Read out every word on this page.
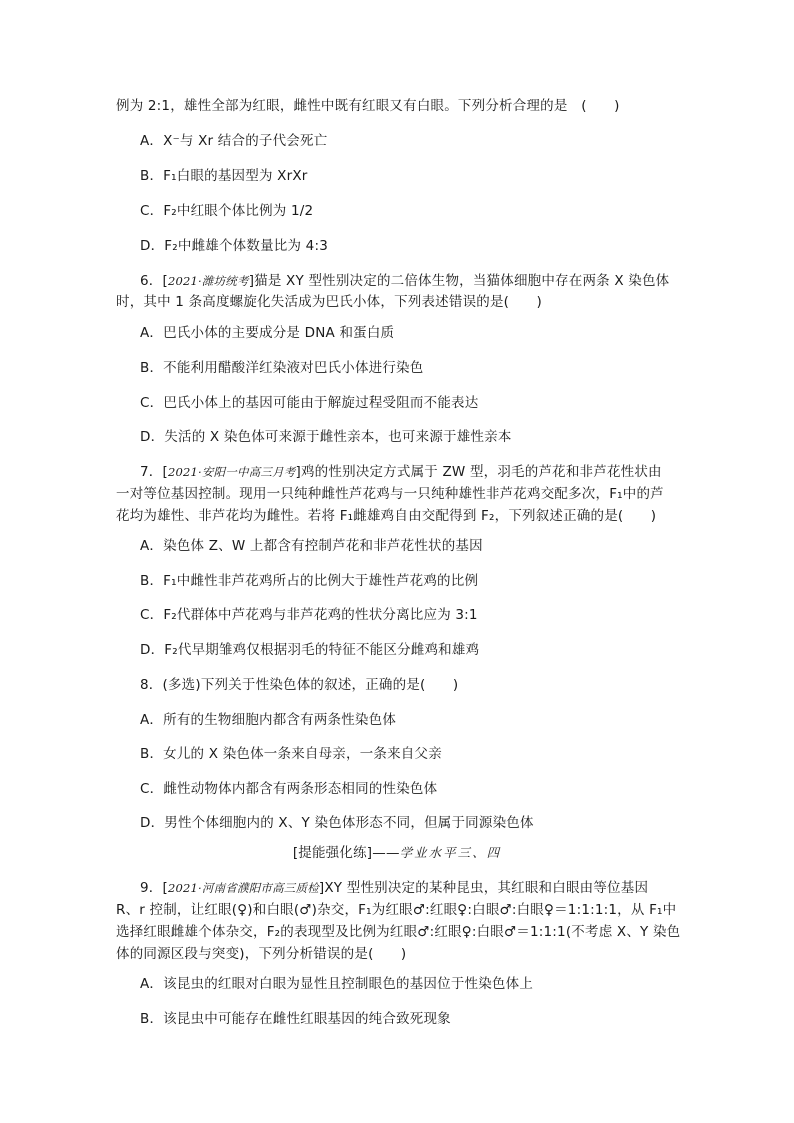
例为 2:1，雄性全部为红眼，雌性中既有红眼又有白眼。下列分析合理的是　(　　)
A．X⁻与 Xr 结合的子代会死亡
B．F₁白眼的基因型为 XrXr
C．F₂中红眼个体比例为 1/2
D．F₂中雌雄个体数量比为 4:3
6．[2021·潍坊统考]猫是 XY 型性别决定的二倍体生物，当猫体细胞中存在两条 X 染色体
时，其中 1 条高度螺旋化失活成为巴氏小体，下列表述错误的是(　　)
A．巴氏小体的主要成分是 DNA 和蛋白质
B．不能利用醋酸洋红染液对巴氏小体进行染色
C．巴氏小体上的基因可能由于解旋过程受阻而不能表达
D．失活的 X 染色体可来源于雌性亲本，也可来源于雄性亲本
7．[2021·安阳一中高三月考]鸡的性别决定方式属于 ZW 型，羽毛的芦花和非芦花性状由
一对等位基因控制。现用一只纯种雌性芦花鸡与一只纯种雄性非芦花鸡交配多次，F₁中的芦
花均为雄性、非芦花均为雌性。若将 F₁雌雄鸡自由交配得到 F₂，下列叙述正确的是(　　)
A．染色体 Z、W 上都含有控制芦花和非芦花性状的基因
B．F₁中雌性非芦花鸡所占的比例大于雄性芦花鸡的比例
C．F₂代群体中芦花鸡与非芦花鸡的性状分离比应为 3:1
D．F₂代早期雏鸡仅根据羽毛的特征不能区分雌鸡和雄鸡
8．(多选)下列关于性染色体的叙述，正确的是(　　)
A．所有的生物细胞内都含有两条性染色体
B．女儿的 X 染色体一条来自母亲，一条来自父亲
C．雌性动物体内都含有两条形态相同的性染色体
D．男性个体细胞内的 X、Y 染色体形态不同，但属于同源染色体
[提能强化练]——学业水平三、四
9．[2021·河南省濮阳市高三质检]XY 型性别决定的某种昆虫，其红眼和白眼由等位基因
R、r 控制，让红眼(♀)和白眼(♂)杂交，F₁为红眼♂:红眼♀:白眼♂:白眼♀＝1:1:1:1，从 F₁中
选择红眼雌雄个体杂交，F₂的表现型及比例为红眼♂:红眼♀:白眼♂＝1:1:1(不考虑 X、Y 染色
体的同源区段与突变)，下列分析错误的是(　　)
A．该昆虫的红眼对白眼为显性且控制眼色的基因位于性染色体上
B．该昆虫中可能存在雌性红眼基因的纯合致死现象
